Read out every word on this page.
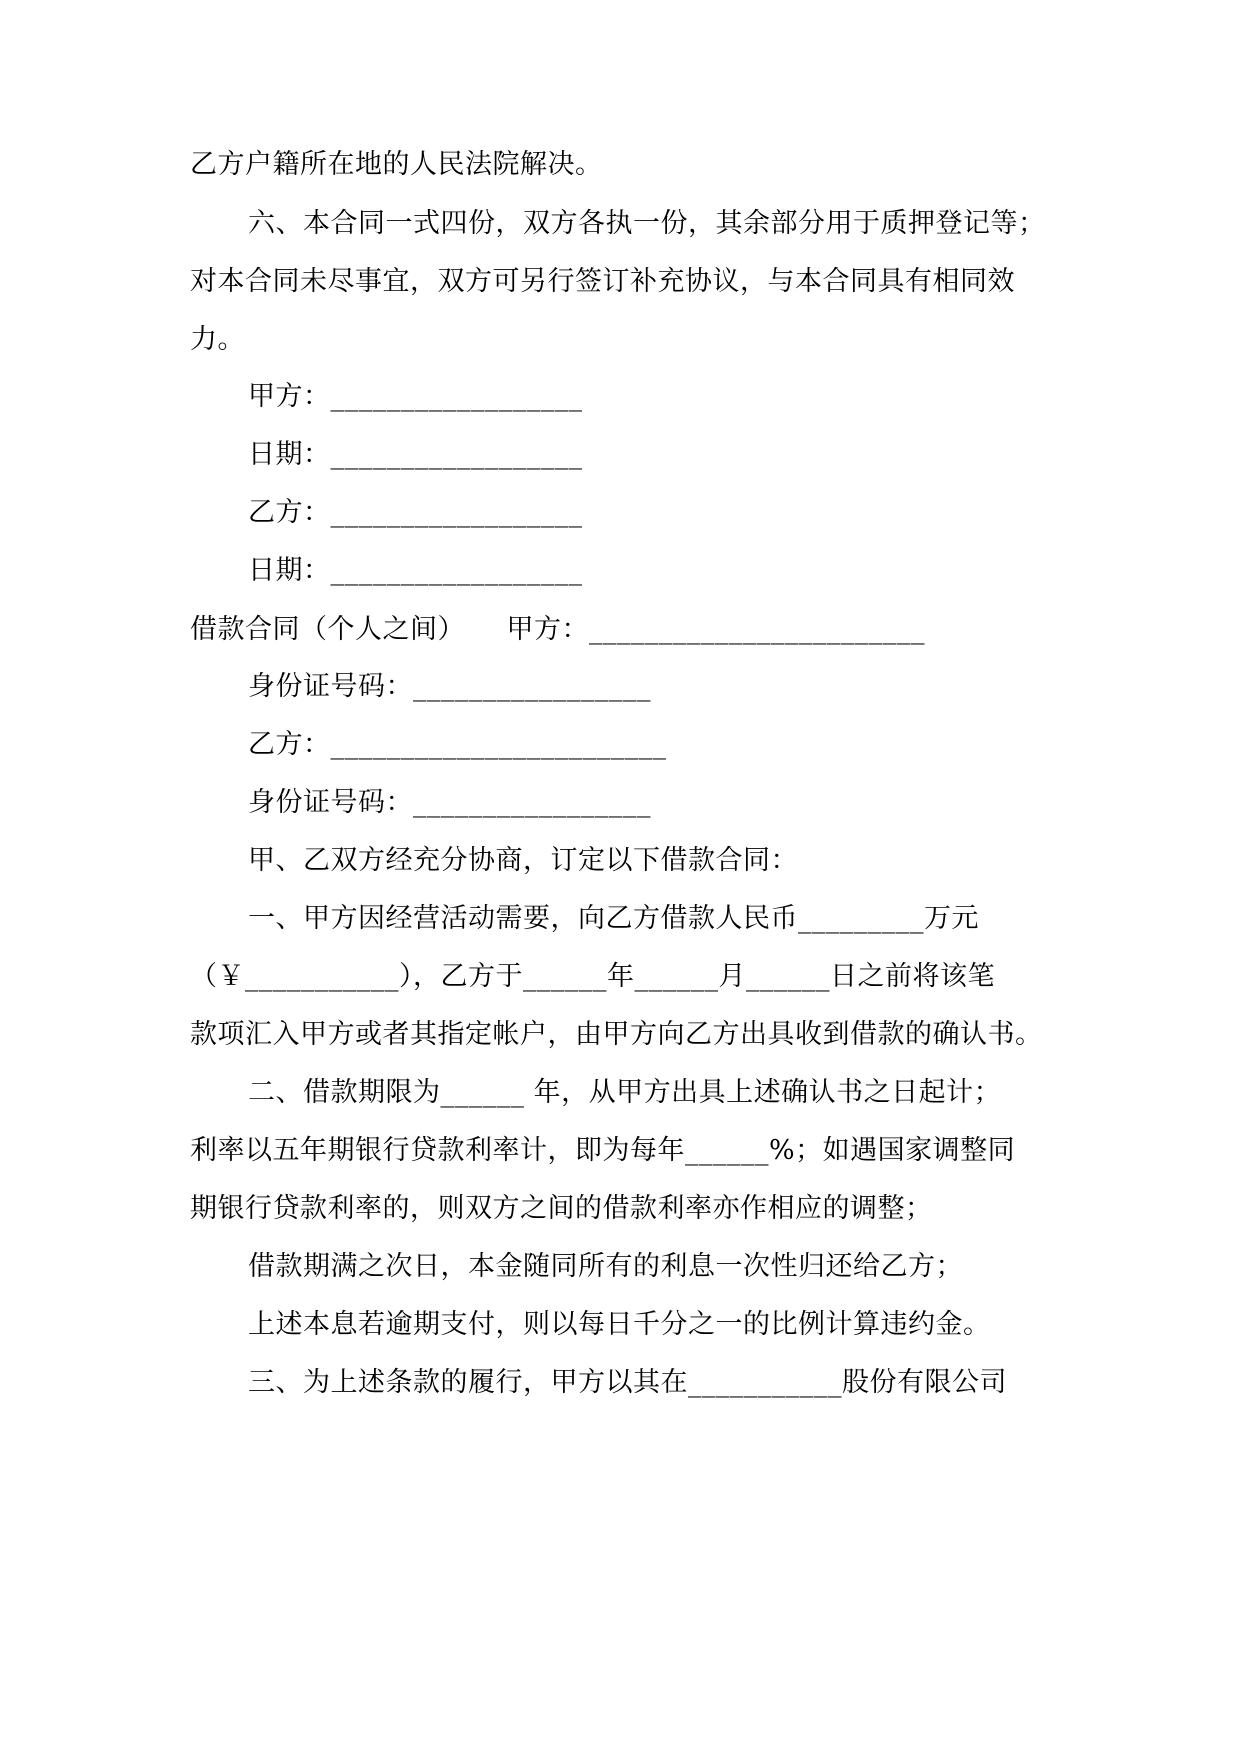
乙方户籍所在地的人民法院解决。
六、本合同一式四份，双方各执一份，其余部分用于质押登记等；
对本合同未尽事宜，双方可另行签订补充协议，与本合同具有相同效
力。
甲方：__________________
日期：__________________
乙方：__________________
日期：__________________
借款合同（个人之间）　　甲方：________________________
身份证号码：_________________
乙方：________________________
身份证号码：_________________
甲、乙双方经充分协商，订定以下借款合同：
一、甲方因经营活动需要，向乙方借款人民币_________万元
（￥___________），乙方于______年______月______日之前将该笔
款项汇入甲方或者其指定帐户，由甲方向乙方出具收到借款的确认书。
二、借款期限为______ 年，从甲方出具上述确认书之日起计；
利率以五年期银行贷款利率计，即为每年______%；如遇国家调整同
期银行贷款利率的，则双方之间的借款利率亦作相应的调整；
借款期满之次日，本金随同所有的利息一次性归还给乙方；
上述本息若逾期支付，则以每日千分之一的比例计算违约金。
三、为上述条款的履行，甲方以其在___________股份有限公司
